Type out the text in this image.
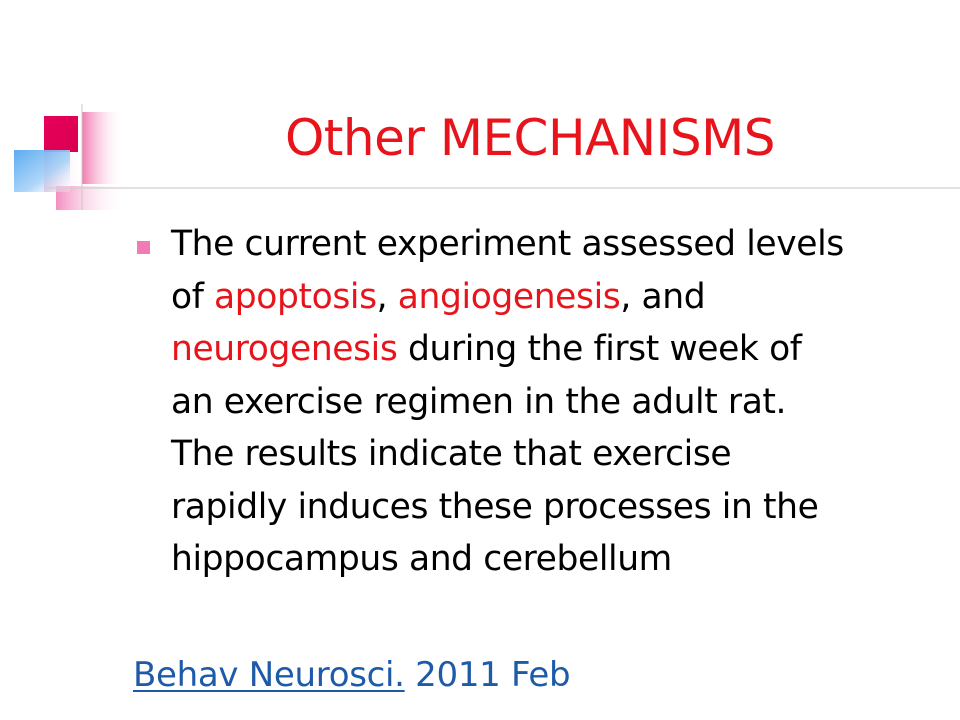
Other MECHANISMS
The current experiment assessed levels
of apoptosis, angiogenesis, and
neurogenesis during the first week of
an exercise regimen in the adult rat.
The results indicate that exercise
rapidly induces these processes in the
hippocampus and cerebellum
Behav Neurosci. 2011 Feb
